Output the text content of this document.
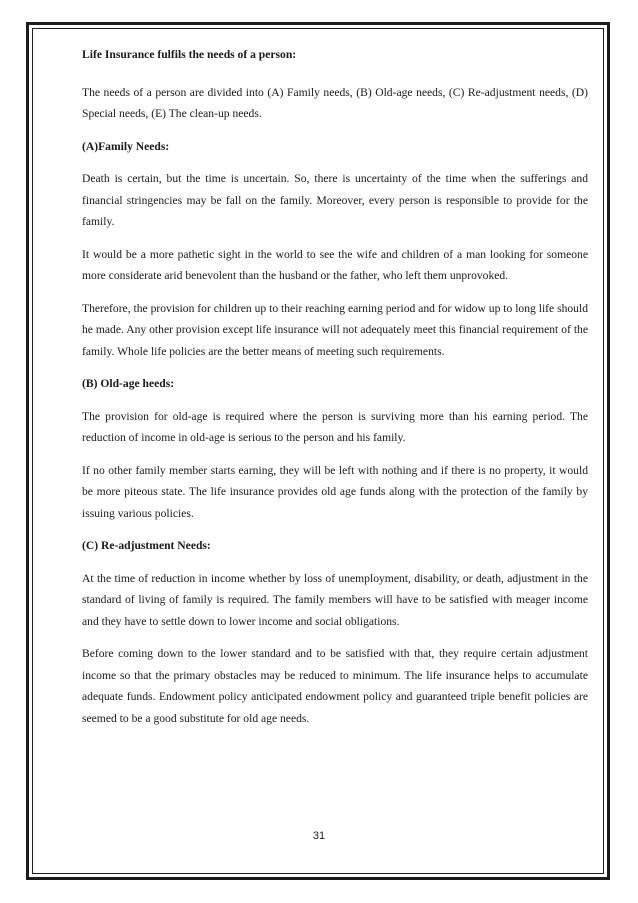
Life Insurance fulfils the needs of a person:

The needs of a person are divided into (A) Family needs, (B) Old-age needs, (C) Re-adjustment needs, (D) Special needs, (E) The clean-up needs.

(A)Family Needs:

Death is certain, but the time is uncertain. So, there is uncertainty of the time when the sufferings and financial stringencies may be fall on the family. Moreover, every person is responsible to provide for the family.

It would be a more pathetic sight in the world to see the wife and children of a man looking for someone more considerate arid benevolent than the husband or the father, who left them unprovoked.

Therefore, the provision for children up to their reaching earning period and for widow up to long life should he made. Any other provision except life insurance will not adequately meet this financial requirement of the family. Whole life policies are the better means of meeting such requirements.

(B) Old-age heeds:

The provision for old-age is required where the person is surviving more than his earning period. The reduction of income in old-age is serious to the person and his family.

If no other family member starts earning, they will be left with nothing and if there is no property, it would be more piteous state. The life insurance provides old age funds along with the protection of the family by issuing various policies.

(C) Re-adjustment Needs:

At the time of reduction in income whether by loss of unemployment, disability, or death, adjustment in the standard of living of family is required. The family members will have to be satisfied with meager income and they have to settle down to lower income and social obligations.

Before coming down to the lower standard and to be satisfied with that, they require certain adjustment income so that the primary obstacles may be reduced to minimum. The life insurance helps to accumulate adequate funds. Endowment policy anticipated endowment policy and guaranteed triple benefit policies are seemed to be a good substitute for old age needs.

31
